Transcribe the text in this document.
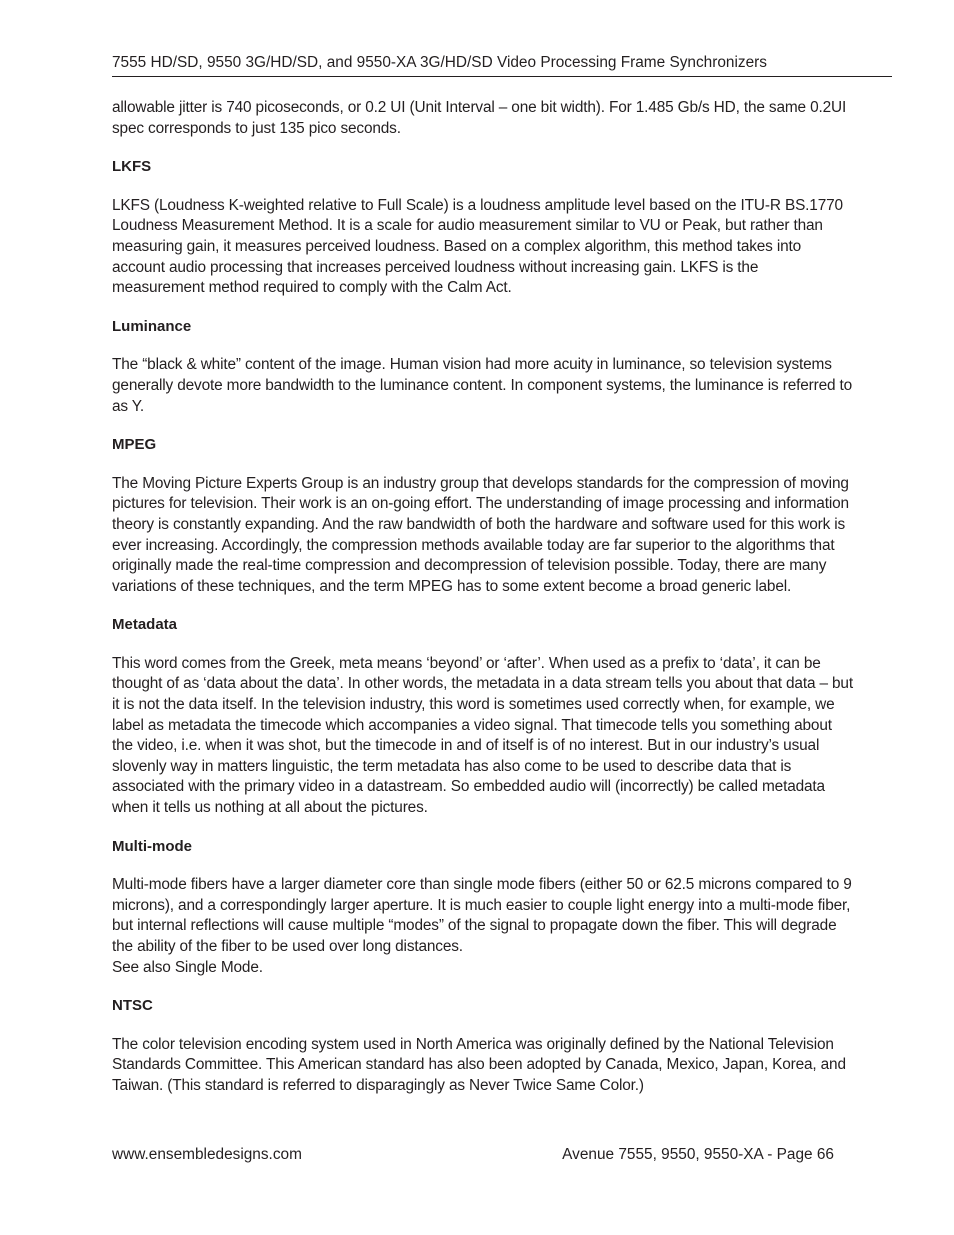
7555 HD/SD, 9550 3G/HD/SD, and 9550-XA 3G/HD/SD Video Processing Frame Synchronizers

allowable jitter is 740 picoseconds, or 0.2 UI (Unit Interval – one bit width). For 1.485 Gb/s HD, the same 0.2UI spec corresponds to just 135 pico seconds.

LKFS

LKFS (Loudness K-weighted relative to Full Scale) is a loudness amplitude level based on the ITU-R BS.1770 Loudness Measurement Method. It is a scale for audio measurement similar to VU or Peak, but rather than measuring gain, it measures perceived loudness. Based on a complex algorithm, this method takes into account audio processing that increases perceived loudness without increasing gain. LKFS is the measurement method required to comply with the Calm Act.

Luminance

The “black & white” content of the image. Human vision had more acuity in luminance, so television systems generally devote more bandwidth to the luminance content. In component systems, the luminance is referred to as Y.

MPEG

The Moving Picture Experts Group is an industry group that develops standards for the compression of moving pictures for television. Their work is an on-going effort. The understanding of image processing and information theory is constantly expanding. And the raw bandwidth of both the hardware and software used for this work is ever increasing. Accordingly, the compression methods available today are far superior to the algorithms that originally made the real-time compression and decompression of television possible. Today, there are many variations of these techniques, and the term MPEG has to some extent become a broad generic label.

Metadata

This word comes from the Greek, meta means ‘beyond’ or ‘after’. When used as a prefix to ‘data’, it can be thought of as ‘data about the data’. In other words, the metadata in a data stream tells you about that data – but it is not the data itself. In the television industry, this word is sometimes used correctly when, for example, we label as metadata the timecode which accompanies a video signal. That timecode tells you something about the video, i.e. when it was shot, but the timecode in and of itself is of no interest. But in our industry’s usual slovenly way in matters linguistic, the term metadata has also come to be used to describe data that is associated with the primary video in a datastream. So embedded audio will (incorrectly) be called metadata when it tells us nothing at all about the pictures.

Multi-mode

Multi-mode fibers have a larger diameter core than single mode fibers (either 50 or 62.5 microns compared to 9 microns), and a correspondingly larger aperture. It is much easier to couple light energy into a multi-mode fiber, but internal reflections will cause multiple “modes” of the signal to propagate down the fiber. This will degrade the ability of the fiber to be used over long distances.

See also Single Mode.

NTSC

The color television encoding system used in North America was originally defined by the National Television Standards Committee. This American standard has also been adopted by Canada, Mexico, Japan, Korea, and Taiwan. (This standard is referred to disparagingly as Never Twice Same Color.)

www.ensembledesigns.com	Avenue 7555, 9550, 9550-XA - Page 66
